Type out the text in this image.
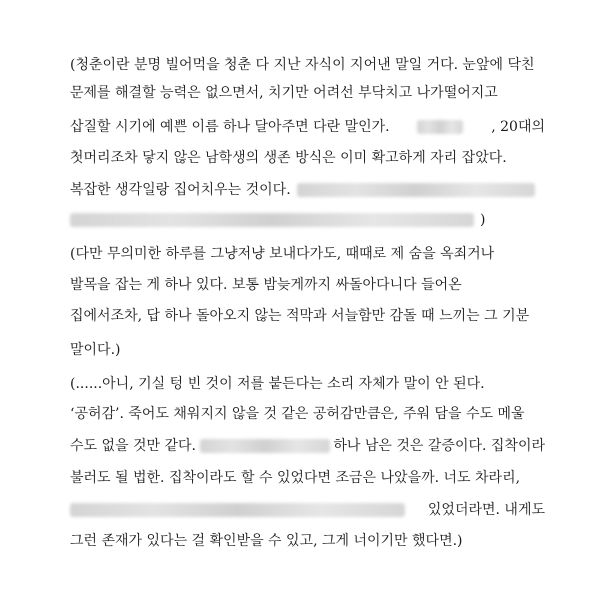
(청춘이란 분명 빌어먹을 청춘 다 지난 자식이 지어낸 말일 거다. 눈앞에 닥친
문제를 해결할 능력은 없으면서, 치기만 어려선 부닥치고 나가떨어지고
삽질할 시기에 예쁜 이름 하나 달아주면 다란 말인가.	, 20대의
첫머리조차 닿지 않은 남학생의 생존 방식은 이미 확고하게 자리 잡았다.
복잡한 생각일랑 집어치우는 것이다.
)
(다만 무의미한 하루를 그냥저냥 보내다가도, 때때로 제 숨을 옥죄거나
발목을 잡는 게 하나 있다. 보통 밤늦게까지 싸돌아다니다 들어온
집에서조차, 답 하나 돌아오지 않는 적막과 서늘함만 감돌 때 느끼는 그 기분
말이다.)
(......아니, 기실 텅 빈 것이 저를 붙든다는 소리 자체가 말이 안 된다.
‘공허감’. 죽어도 채워지지 않을 것 같은 공허감만큼은, 주워 담을 수도 메울
수도 없을 것만 같다.	하나 남은 것은 갈증이다. 집착이라
불러도 될 법한. 집착이라도 할 수 있었다면 조금은 나았을까. 너도 차라리,
있었더라면. 내게도
그런 존재가 있다는 걸 확인받을 수 있고, 그게 너이기만 했다면.)
